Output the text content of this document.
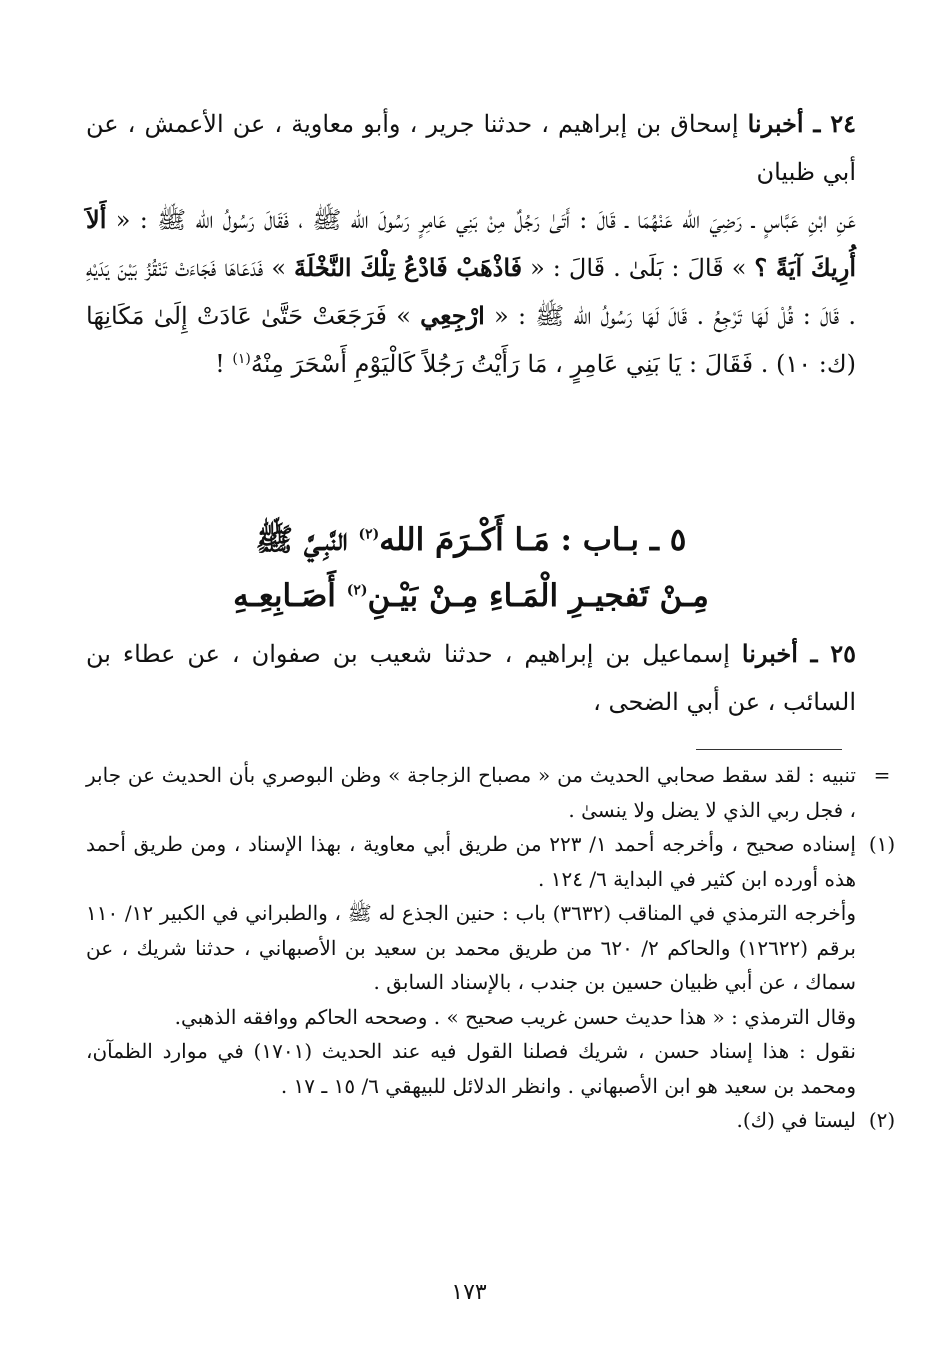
٢٤ ـ أخبرنا إسحاق بن إبراهيم ، حدثنا جرير ، وأبو معاوية ، عن الأعمش ، عن أبي ظبيان

عَنِ ابْنِ عَبَّاسٍ ـ رَضِيَ الله عَنْهُمَا ـ قَالَ : أَتَىٰ رَجُلٌ مِنْ بَنِي عَامِرٍ رَسُولَ الله ﷺ ، فَقَالَ رَسُولُ الله ﷺ : « أَلاَ أُرِيكَ آيَةً ؟ » قَالَ : بَلَىٰ . قَالَ : « فَاذْهَبْ فَادْعُ تِلْكَ النَّخْلَةَ » فَدَعَاهَا فَجَاءَتْ تَنْقُزُ بَيْنَ يَدَيْهِ . قَالَ : قُلْ لَهَا تَرْجِعُ . قَالَ لَهَا رَسُولُ الله ﷺ : « ارْجِعِي » فَرَجَعَتْ حَتَّىٰ عَادَتْ إِلَىٰ مَكَانِهَا (ك: ١٠) . فَقَالَ : يَا بَنِي عَامِرٍ ، مَا رَأَيْتُ رَجُلاً كَالْيَوْمِ أَسْحَرَ مِنْهُ$^{(١)}$ !

٥ ـ بـاب : مَـا أَكْـرَمَ الله$^{(٢)}$ النَّبِـيَّ ﷺ
مِـنْ تَفجيـرِ الْمَـاءِ مِـنْ بَيْـنِ$^{(٢)}$ أَصَـابِعِـهِ

٢٥ ـ أخبرنا إسماعيل بن إبراهيم ، حدثنا شعيب بن صفوان ، عن عطاء بن السائب ، عن أبي الضحى ،

=

تنبيه : لقد سقط صحابي الحديث من « مصباح الزجاجة » وظن البوصري بأن الحديث عن جابر ، فجل ربي الذي لا يضل ولا ينسىٰ .

(١)

إسناده صحيح ، وأخرجه أحمد ١/ ٢٢٣ من طريق أبي معاوية ، بهذا الإسناد ، ومن طريق أحمد هذه أورده ابن كثير في البداية ٦/ ١٢٤ .

وأخرجه الترمذي في المناقب (٣٦٣٢) باب : حنين الجذع له ﷺ ، والطبراني في الكبير ١٢/ ١١٠ برقم (١٢٦٢٢) والحاكم ٢/ ٦٢٠ من طريق محمد بن سعيد بن الأصبهاني ، حدثنا شريك ، عن سماك ، عن أبي ظبيان حسين بن جندب ، بالإسناد السابق .

وقال الترمذي : « هذا حديث حسن غريب صحيح » . وصححه الحاكم ووافقه الذهبي.

نقول : هذا إسناد حسن ، شريك فصلنا القول فيه عند الحديث (١٧٠١) في موارد الظمآن، ومحمد بن سعيد هو ابن الأصبهاني . وانظر الدلائل للبيهقي ٦/ ١٥ ـ ١٧ .

(٢)

ليستا في (ك).

١٧٣
